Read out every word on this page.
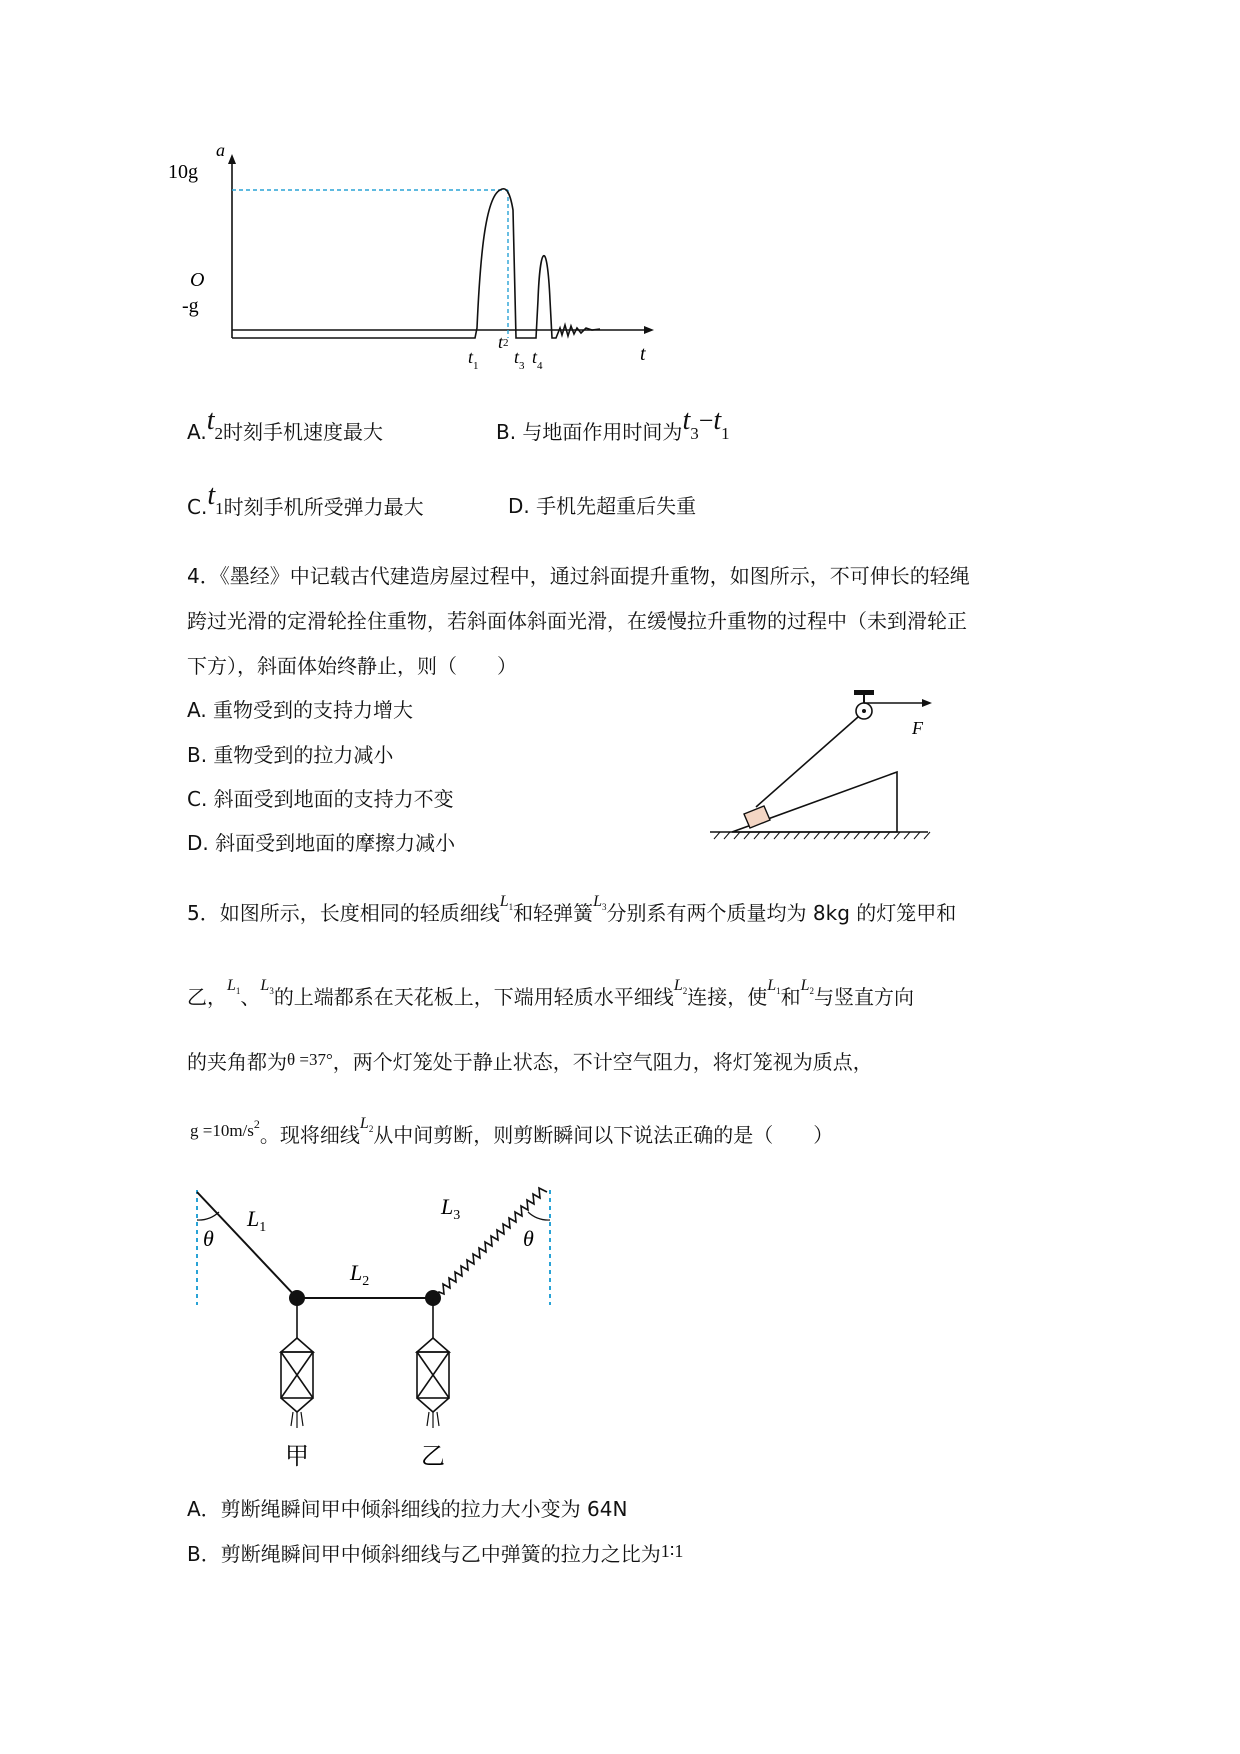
a
10g
O
-g
t
$t_1$
t2
$t_3$ $t_4$
A.t2时刻手机速度最大	B. 与地面作用时间为t3−t1
C.t1时刻手机所受弹力最大	D. 手机先超重后失重
4．《墨经》中记载古代建造房屋过程中，通过斜面提升重物，如图所示，不可伸长的轻绳
跨过光滑的定滑轮拴住重物，若斜面体斜面光滑，在缓慢拉升重物的过程中（未到滑轮正
下方），斜面体始终静止，则（　　）
A. 重物受到的支持力增大
B. 重物受到的拉力减小
C. 斜面受到地面的支持力不变
D. 斜面受到地面的摩擦力减小
F
5．如图所示，长度相同的轻质细线$^{L_1}$和轻弹簧$^{L_3}$分别系有两个质量均为 8kg 的灯笼甲和
乙，$^{L_1}$、$^{L_3}$的上端都系在天花板上，下端用轻质水平细线$^{L_2}$连接，使$^{L_1}$和$^{L_2}$与竖直方向
的夹角都为$^{\theta =37^\circ}$，两个灯笼处于静止状态，不计空气阻力，将灯笼视为质点，
$^{g =10m/s^2}$。现将细线$^{L_2}$从中间剪断，则剪断瞬间以下说法正确的是（　　）
θ	θ
$L_1$
$L_2$
$L_3$
甲	乙
A．剪断绳瞬间甲中倾斜细线的拉力大小变为 64N
B．剪断绳瞬间甲中倾斜细线与乙中弹簧的拉力之比为1∶1
